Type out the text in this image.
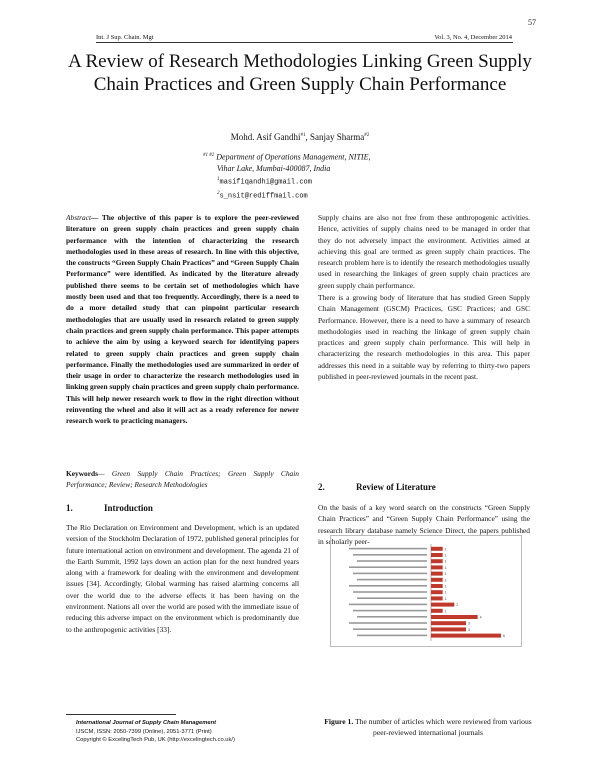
57
Int. J Sup. Chain. Mgt	Vol. 3, No. 4, December 2014
A Review of Research Methodologies Linking Green Supply Chain Practices and Green Supply Chain Performance
Mohd. Asif Gandhi$^{\#1}$, Sanjay Sharma$^{\#2}$
$^{\#1 \#2}$ Department of Operations Management, NITIE,
Vihar Lake, Mumbai-400087, India
$^1$masifiqandhi@gmail.com
$^2$s_nsit@rediffmail.com
Abstract— The objective of this paper is to explore the peer-reviewed literature on green supply chain practices and green supply chain performance with the intention of characterizing the research methodologies used in these areas of research. In line with this objective, the constructs “Green Supply Chain Practices” and “Green Supply Chain Performance” were identified. As indicated by the literature already published there seems to be certain set of methodologies which have mostly been used and that too frequently. Accordingly, there is a need to do a more detailed study that can pinpoint particular research methodologies that are usually used in research related to green supply chain practices and green supply chain performance. This paper attempts to achieve the aim by using a keyword search for identifying papers related to green supply chain practices and green supply chain performance. Finally the methodologies used are summarized in order of their usage in order to characterize the research methodologies used in linking green supply chain practices and green supply chain performance. This will help newer research work to flow in the right direction without reinventing the wheel and also it will act as a ready reference for newer research work to practicing managers.
Keywords— Green Supply Chain Practices; Green Supply Chain Performance; Review; Research Methodologies
1.	Introduction
The Rio Declaration on Environment and Development, which is an updated version of the Stockholm Declaration of 1972, published general principles for future international action on environment and development. The agenda 21 of the Earth Summit, 1992 lays down an action plan for the next hundred years along with a framework for dealing with the environment and development issues [34]. Accordingly, Global warming has raised alarming concerns all over the world due to the adverse effects it has been having on the environment. Nations all over the world are posed with the immediate issue of reducing this adverse impact on the environment which is predominantly due to the anthropogenic activities [33].
International Journal of Supply Chain Management
IJSCM, ISSN: 2050-7399 (Online), 2051-3771 (Print)
Copyright © ExcelingTech Pub, UK (http://excelingtech.co.uk/)
Supply chains are also not free from these anthropogenic activities. Hence, activities of supply chains need to be managed in order that they do not adversely impact the environment. Activities aimed at achieving this goal are termed as green supply chain practices. The research problem here is to identify the research methodologies usually used in researching the linkages of green supply chain practices are green supply chain performance.
There is a growing body of literature that has studied Green Supply Chain Management (GSCM) Practices, GSC Practices; and GSC Performance. However, there is a need to have a summary of research methodologies used in reaching the linkage of green supply chain practices and green supply chain performance. This will help in characterizing the research methodologies in this area. This paper addresses this need in a suitable way by referring to thirty-two papers published in peer-reviewed journals in the recent past.
2.	Review of Literature
On the basis of a key word search on the constructs “Green Supply Chain Practices” and “Green Supply Chain Performance” using the research library database namely Science Direct, the papers published in scholarly peer-
1
1
1
1
1
1
1
1
1
2
1
4
3
3
6
Figure 1. The number of articles which were reviewed from various peer-reviewed international journals
